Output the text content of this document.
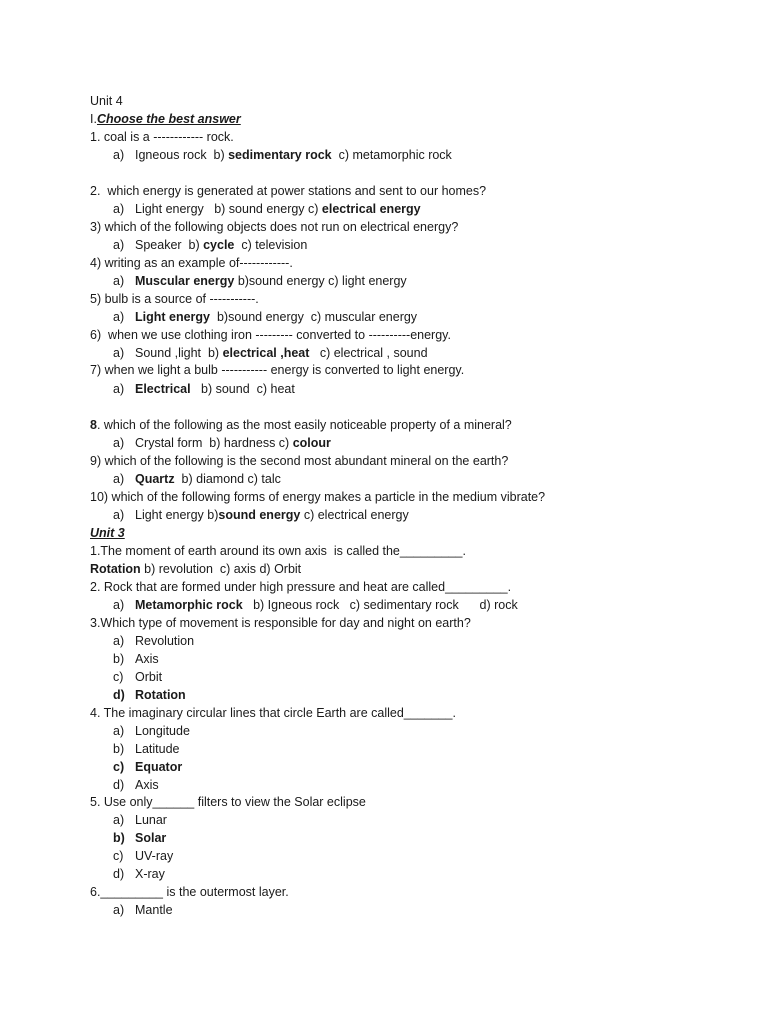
Unit 4
I.Choose the best answer
1. coal is a ------------ rock.
a) Igneous rock  b) sedimentary rock  c) metamorphic rock
2.  which energy is generated at power stations and sent to our homes?
a) Light energy   b) sound energy c) electrical energy
3) which of the following objects does not run on electrical energy?
a) Speaker  b) cycle  c) television
4) writing as an example of------------.
a) Muscular energy b)sound energy c) light energy
5) bulb is a source of -----------.
a) Light energy  b)sound energy  c) muscular energy
6)  when we use clothing iron --------- converted to ----------energy.
a) Sound ,light  b) electrical ,heat   c) electrical , sound
7) when we light a bulb ----------- energy is converted to light energy.
a) Electrical   b) sound  c) heat
8. which of the following as the most easily noticeable property of a mineral?
a) Crystal form  b) hardness c) colour
9) which of the following is the second most abundant mineral on the earth?
a) Quartz  b) diamond c) talc
10) which of the following forms of energy makes a particle in the medium vibrate?
a) Light energy b)sound energy c) electrical energy
Unit 3
1.The moment of earth around its own axis  is called the_________.
Rotation b) revolution  c) axis d) Orbit
2. Rock that are formed under high pressure and heat are called_________.
a) Metamorphic rock   b) Igneous rock   c) sedimentary rock      d) rock
3.Which type of movement is responsible for day and night on earth?
a) Revolution
b) Axis
c) Orbit
d) Rotation
4. The imaginary circular lines that circle Earth are called_______.
a) Longitude
b) Latitude
c) Equator
d) Axis
5. Use only______ filters to view the Solar eclipse
a) Lunar
b) Solar
c) UV-ray
d) X-ray
6._________ is the outermost layer.
a) Mantle
